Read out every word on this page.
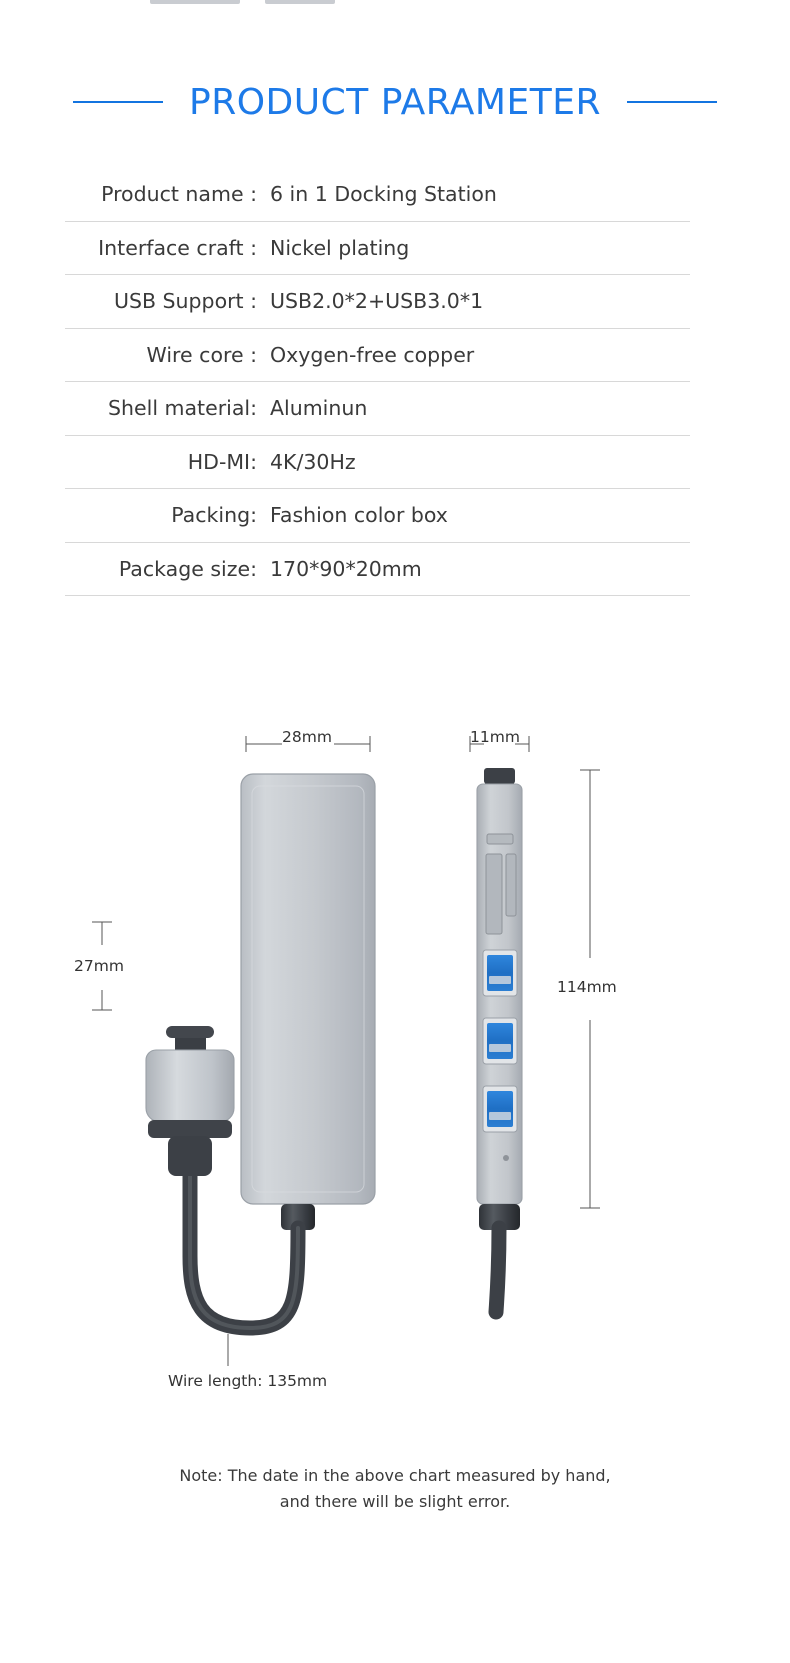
PRODUCT PARAMETER
Product name : 6 in 1 Docking Station
Interface craft : Nickel plating
USB Support : USB2.0*2+USB3.0*1
Wire core : Oxygen-free copper
Shell material: Aluminun
HD-MI: 4K/30Hz
Packing: Fashion color box
Package size: 170*90*20mm
28mm	11mm
27mm
114mm
Wire length: 135mm
Note: The date in the above chart measured by hand,
and there will be slight error.
